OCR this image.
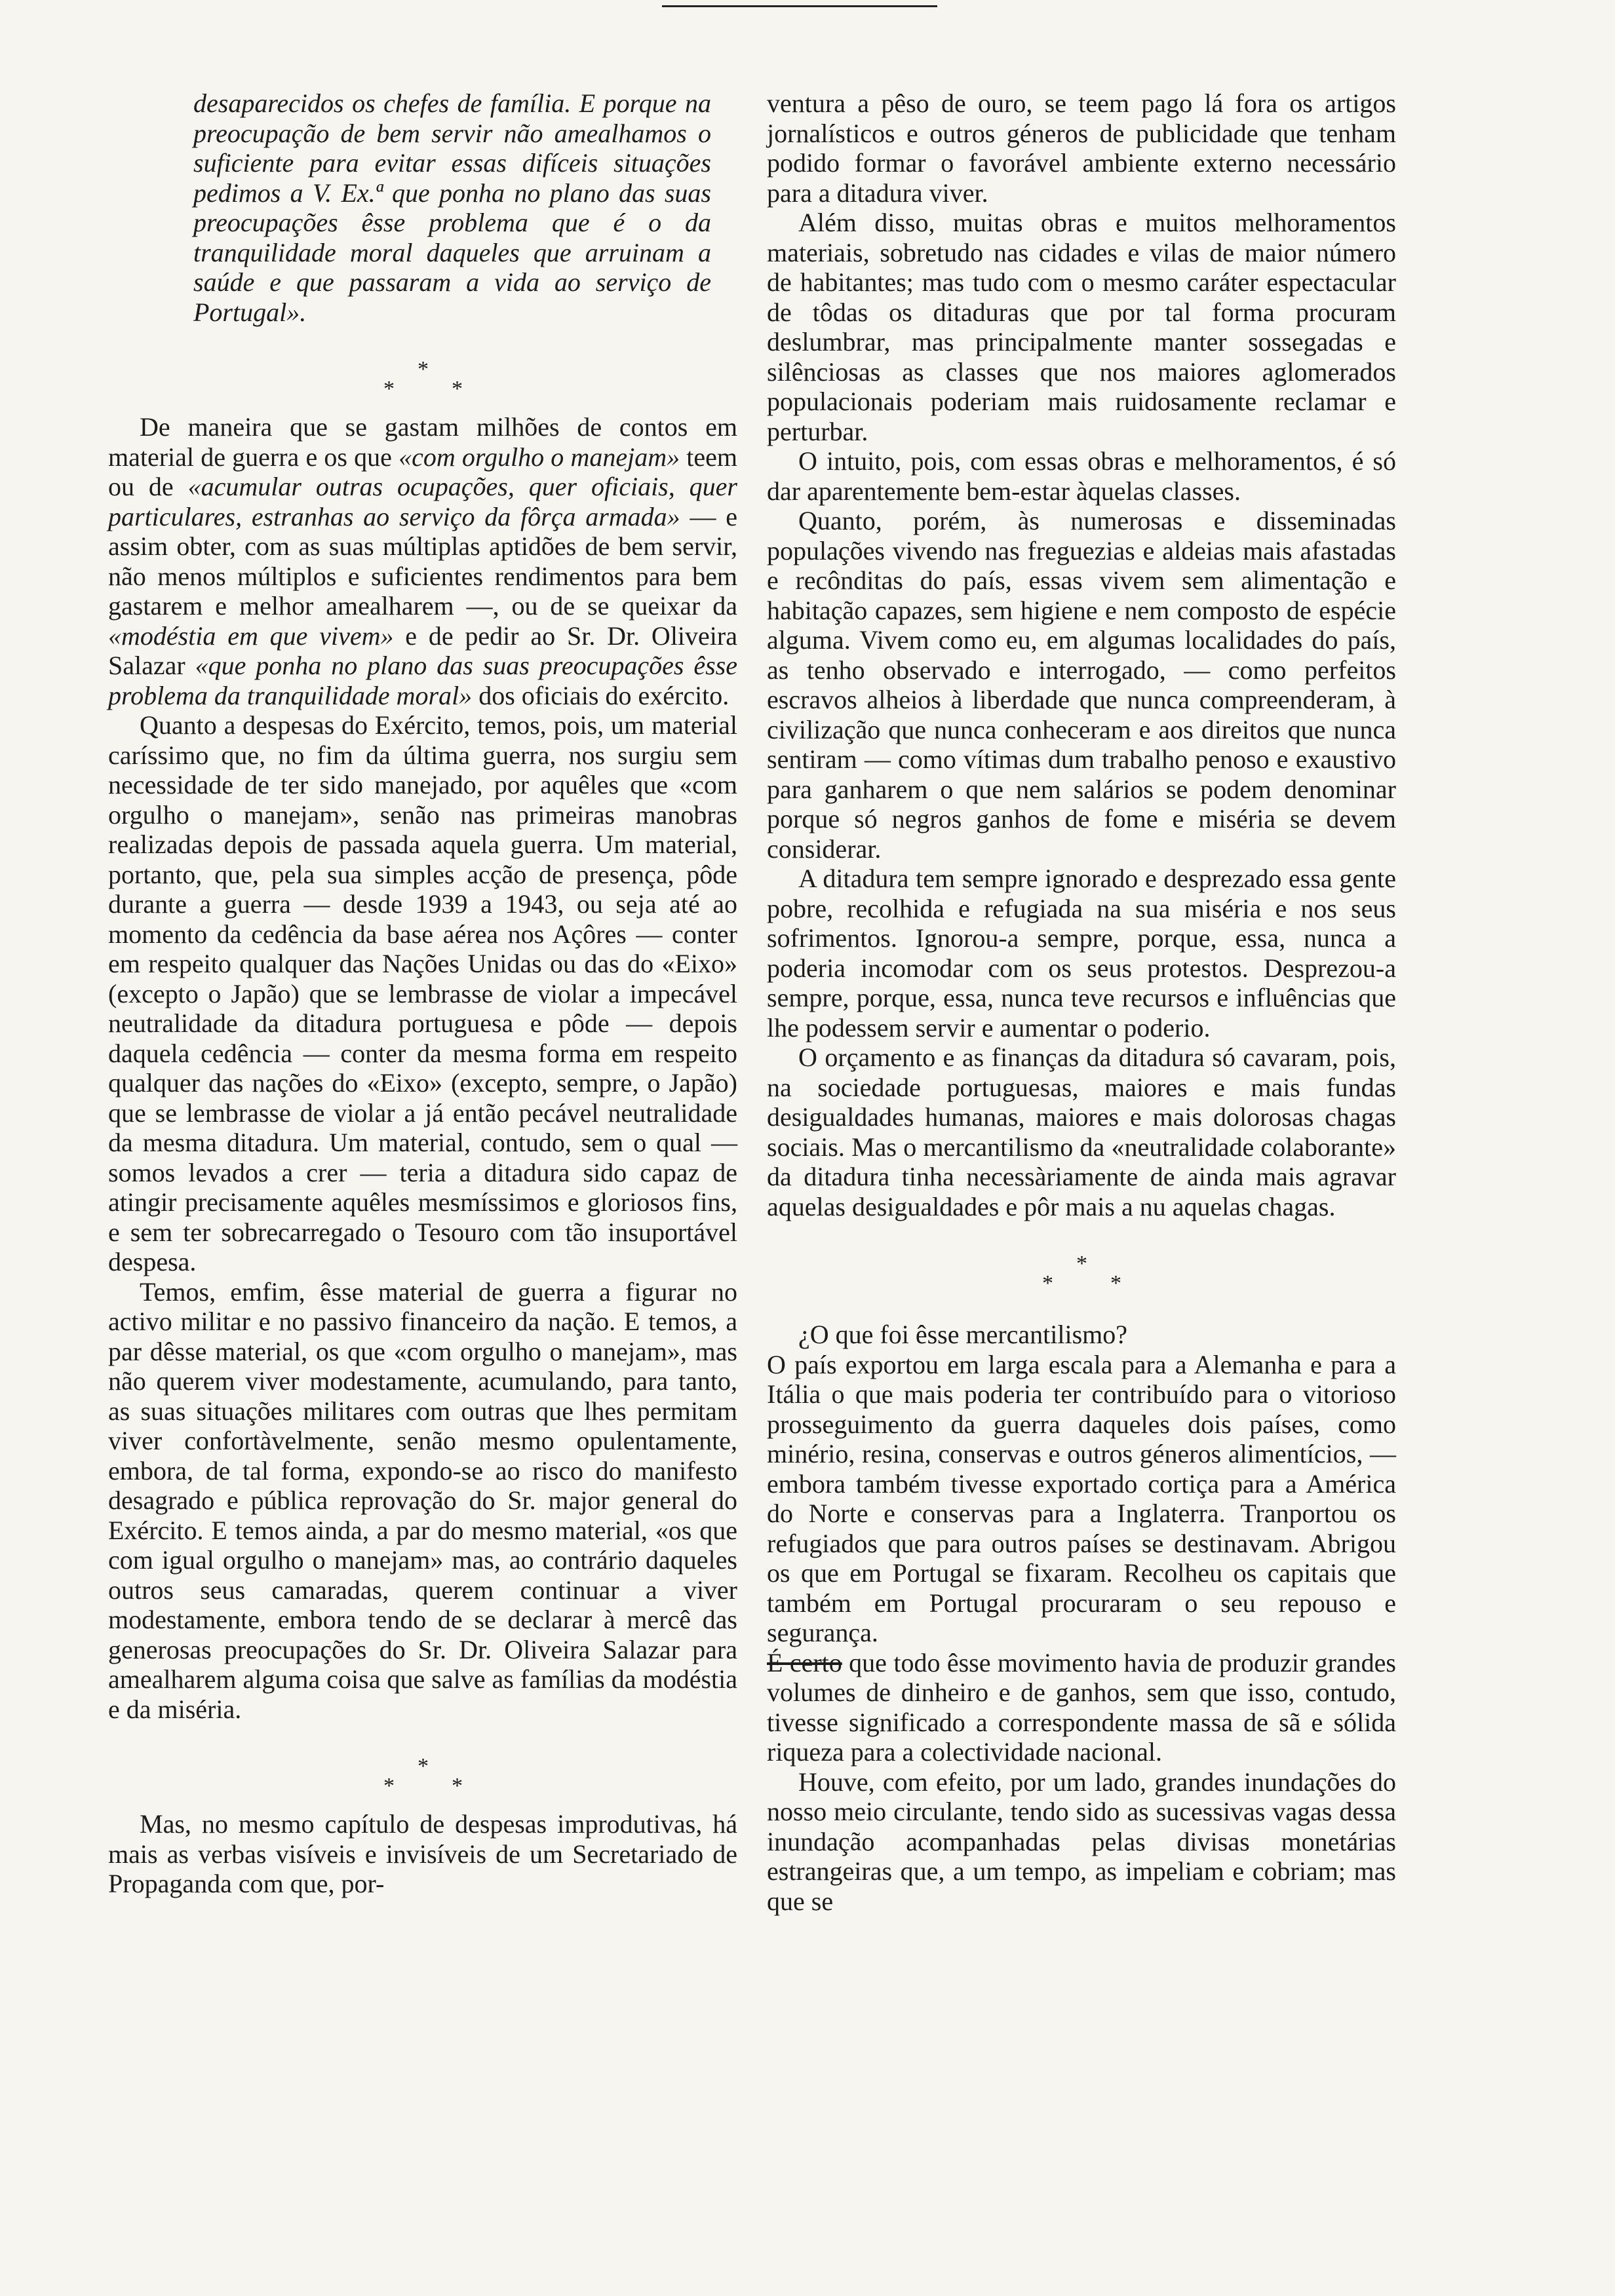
desaparecidos os chefes de família. E porque na preocupação de bem servir não amealhamos o suficiente para evitar essas difíceis situações pedimos a V. Ex.ª que ponha no plano das suas preocupações êsse problema que é o da tranquilidade moral daqueles que arruinam a saúde e que passaram a vida ao serviço de Portugal».

*
*	*

De maneira que se gastam milhões de contos em material de guerra e os que «com orgulho o manejam» teem ou de «acumular outras ocupações, quer oficiais, quer particulares, estranhas ao serviço da fôrça armada» — e assim obter, com as suas múltiplas aptidões de bem servir, não menos múltiplos e suficientes rendimentos para bem gastarem e melhor amealharem —, ou de se queixar da «modéstia em que vivem» e de pedir ao Sr. Dr. Oliveira Salazar «que ponha no plano das suas preocupações êsse problema da tranquilidade moral» dos oficiais do exército.

Quanto a despesas do Exército, temos, pois, um material caríssimo que, no fim da última guerra, nos surgiu sem necessidade de ter sido manejado, por aquêles que «com orgulho o manejam», senão nas primeiras manobras realizadas depois de passada aquela guerra. Um material, portanto, que, pela sua simples acção de presença, pôde durante a guerra — desde 1939 a 1943, ou seja até ao momento da cedência da base aérea nos Açôres — conter em respeito qualquer das Nações Unidas ou das do «Eixo» (excepto o Japão) que se lembrasse de violar a impecável neutralidade da ditadura portuguesa e pôde — depois daquela cedência — conter da mesma forma em respeito qualquer das nações do «Eixo» (excepto, sempre, o Japão) que se lembrasse de violar a já então pecável neutralidade da mesma ditadura. Um material, contudo, sem o qual — somos levados a crer — teria a ditadura sido capaz de atingir precisamente aquêles mesmíssimos e gloriosos fins, e sem ter sobrecarregado o Tesouro com tão insuportável despesa.

Temos, emfim, êsse material de guerra a figurar no activo militar e no passivo financeiro da nação. E temos, a par dêsse material, os que «com orgulho o manejam», mas não querem viver modestamente, acumulando, para tanto, as suas situações militares com outras que lhes permitam viver confortàvelmente, senão mesmo opulentamente, embora, de tal forma, expondo-se ao risco do manifesto desagrado e pública reprovação do Sr. major general do Exército. E temos ainda, a par do mesmo material, «os que com igual orgulho o manejam» mas, ao contrário daqueles outros seus camaradas, querem continuar a viver modestamente, embora tendo de se declarar à mercê das generosas preocupações do Sr. Dr. Oliveira Salazar para amealharem alguma coisa que salve as famílias da modéstia e da miséria.

*
*	*

Mas, no mesmo capítulo de despesas improdutivas, há mais as verbas visíveis e invisíveis de um Secretariado de Propaganda com que, por-

ventura a pêso de ouro, se teem pago lá fora os artigos jornalísticos e outros géneros de publicidade que tenham podido formar o favorável ambiente externo necessário para a ditadura viver.

Além disso, muitas obras e muitos melhoramentos materiais, sobretudo nas cidades e vilas de maior número de habitantes; mas tudo com o mesmo caráter espectacular de tôdas os ditaduras que por tal forma procuram deslumbrar, mas principalmente manter sossegadas e silênciosas as classes que nos maiores aglomerados populacionais poderiam mais ruidosamente reclamar e perturbar.

O intuito, pois, com essas obras e melhoramentos, é só dar aparentemente bem-estar àquelas classes.

Quanto, porém, às numerosas e disseminadas populações vivendo nas freguezias e aldeias mais afastadas e recônditas do país, essas vivem sem alimentação e habitação capazes, sem higiene e nem composto de espécie alguma. Vivem como eu, em algumas localidades do país, as tenho observado e interrogado, — como perfeitos escravos alheios à liberdade que nunca compreenderam, à civilização que nunca conheceram e aos direitos que nunca sentiram — como vítimas dum trabalho penoso e exaustivo para ganharem o que nem salários se podem denominar porque só negros ganhos de fome e miséria se devem considerar.

A ditadura tem sempre ignorado e desprezado essa gente pobre, recolhida e refugiada na sua miséria e nos seus sofrimentos. Ignorou-a sempre, porque, essa, nunca a poderia incomodar com os seus protestos. Desprezou-a sempre, porque, essa, nunca teve recursos e influências que lhe podessem servir e aumentar o poderio.

O orçamento e as finanças da ditadura só cavaram, pois, na sociedade portuguesas, maiores e mais fundas desigualdades humanas, maiores e mais dolorosas chagas sociais. Mas o mercantilismo da «neutralidade colaborante» da ditadura tinha necessàriamente de ainda mais agravar aquelas desigualdades e pôr mais a nu aquelas chagas.

*
*	*

¿O que foi êsse mercantilismo?

O país exportou em larga escala para a Alemanha e para a Itália o que mais poderia ter contribuído para o vitorioso prosseguimento da guerra daqueles dois países, como minério, resina, conservas e outros géneros alimentícios, — embora também tivesse exportado cortiça para a América do Norte e conservas para a Inglaterra. Tranportou os refugiados que para outros países se destinavam. Abrigou os que em Portugal se fixaram. Recolheu os capitais que também em Portugal procuraram o seu repouso e segurança.

É certo que todo êsse movimento havia de produzir grandes volumes de dinheiro e de ganhos, sem que isso, contudo, tivesse significado a correspondente massa de sã e sólida riqueza para a colectividade nacional.

Houve, com efeito, por um lado, grandes inundações do nosso meio circulante, tendo sido as sucessivas vagas dessa inundação acompanhadas pelas divisas monetárias estrangeiras que, a um tempo, as impeliam e cobriam; mas que se
